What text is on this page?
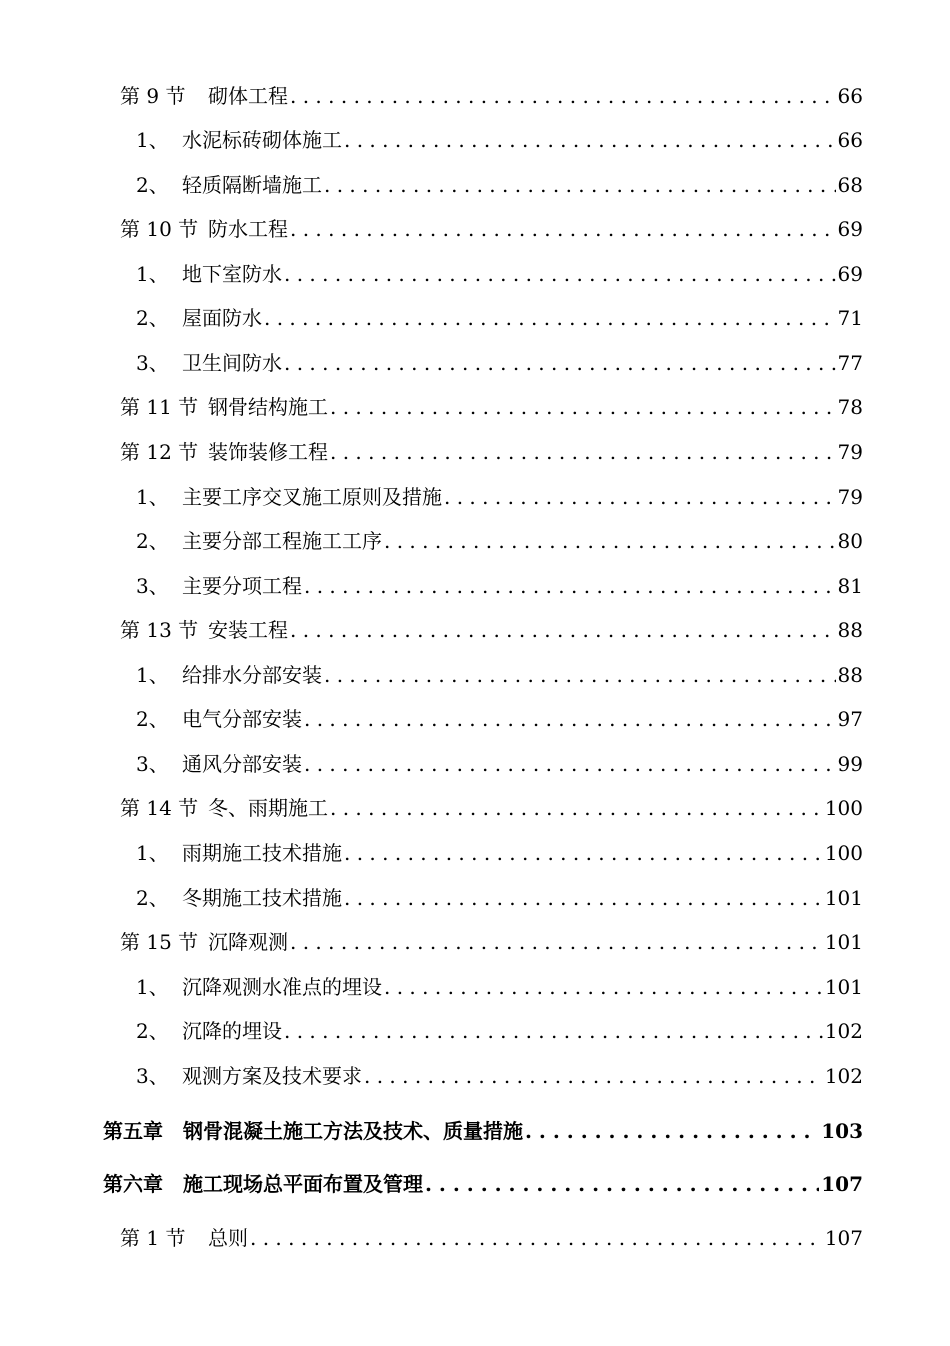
第 9 节	砌体工程 . . .	66
1、 水泥标砖砌体施工 . . .	66
2、 轻质隔断墙施工 . . .	68
第 10 节 防水工程 . . .	69
1、 地下室防水 . . .	69
2、 屋面防水 . . .	71
3、 卫生间防水 . . .	77
第 11 节 钢骨结构施工 . . .	78
第 12 节 装饰装修工程 . . .	79
1、 主要工序交叉施工原则及措施 . . .	79
2、 主要分部工程施工工序 . . .	80
3、 主要分项工程 . . .	81
第 13 节 安装工程 . . .	88
1、 给排水分部安装 . . .	88
2、 电气分部安装 . . .	97
3、 通风分部安装 . . .	99
第 14 节 冬、雨期施工 . . .	100
1、 雨期施工技术措施 . . .	100
2、 冬期施工技术措施 . . .	101
第 15 节 沉降观测 . . .	101
1、 沉降观测水准点的埋设 . . .	101
2、 沉降的埋设 . . .	102
3、 观测方案及技术要求 . . .	102
第五章	钢骨混凝土施工方法及技术、质量措施 . . .	103
第六章	施工现场总平面布置及管理 . . .	107
第 1 节	总则 . . .	107
